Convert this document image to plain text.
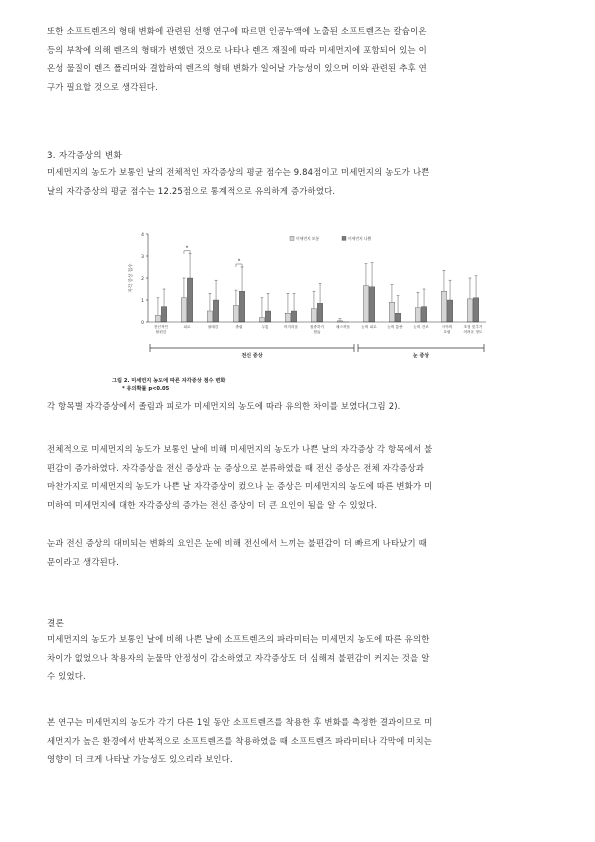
또한 소프트렌즈의 형태 변화에 관련된 선행 연구에 따르면 인공누액에 노출된 소프트렌즈는 칼슘이온
등의 부착에 의해 렌즈의 형태가 변했던 것으로 나타나 렌즈 재질에 따라 미세먼지에 포함되어 있는 이
온성 물질이 렌즈 폴리머와 결합하여 렌즈의 형태 변화가 일어날 가능성이 있으며 이와 관련된 추후 연
구가 필요할 것으로 생각된다.
3. 자각증상의 변화
미세먼지의 농도가 보통인 날의 전체적인 자각증상의 평균 점수는 9.84점이고 미세먼지의 농도가 나쁜
날의 자각증상의 평균 점수는 12.25점으로 통계적으로 유의하게 증가하였다.
0
1
2
3
4
자각 증상 점수
전신적인
불편감
피로	권태감	졸림	두통	어지러움	집중하기
힘듦
메스꺼움	눈의 피로	눈의 통증	눈의 건조	시야의
흐림
초점 맞추기
어려운 정도
*
*
미세먼지 보통	미세먼지 나쁨
전신 증상	눈 증상
그림 2. 미세먼지 농도에 따른 자각증상 점수 변화
* 유의확률 p<0.05
각 항목별 자각증상에서 졸림과 피로가 미세먼지의 농도에 따라 유의한 차이를 보였다(그림 2).
전체적으로 미세먼지의 농도가 보통인 날에 비해 미세먼지의 농도가 나쁜 날의 자각증상 각 항목에서 불
편감이 증가하였다. 자각증상을 전신 증상과 눈 증상으로 분류하였을 때 전신 증상은 전체 자각증상과
마찬가지로 미세먼지의 농도가 나쁜 날 자각증상이 컸으나 눈 증상은 미세먼지의 농도에 따른 변화가 미
미하여 미세먼지에 대한 자각증상의 증가는 전신 증상이 더 큰 요인이 됨을 알 수 있었다.
눈과 전신 증상의 대비되는 변화의 요인은 눈에 비해 전신에서 느끼는 불편감이 더 빠르게 나타났기 때
문이라고 생각된다.
결론
미세먼지의 농도가 보통인 날에 비해 나쁜 날에 소프트렌즈의 파라미터는 미세먼지 농도에 따른 유의한
차이가 없었으나 착용자의 눈물막 안정성이 감소하였고 자각증상도 더 심해져 불편감이 커지는 것을 알
수 있었다.
본 연구는 미세먼지의 농도가 각기 다른 1일 동안 소프트렌즈를 착용한 후 변화를 측정한 결과이므로 미
세먼지가 높은 환경에서 반복적으로 소프트렌즈를 착용하였을 때 소프트렌즈 파라미터나 각막에 미치는
영향이 더 크게 나타날 가능성도 있으리라 보인다.
